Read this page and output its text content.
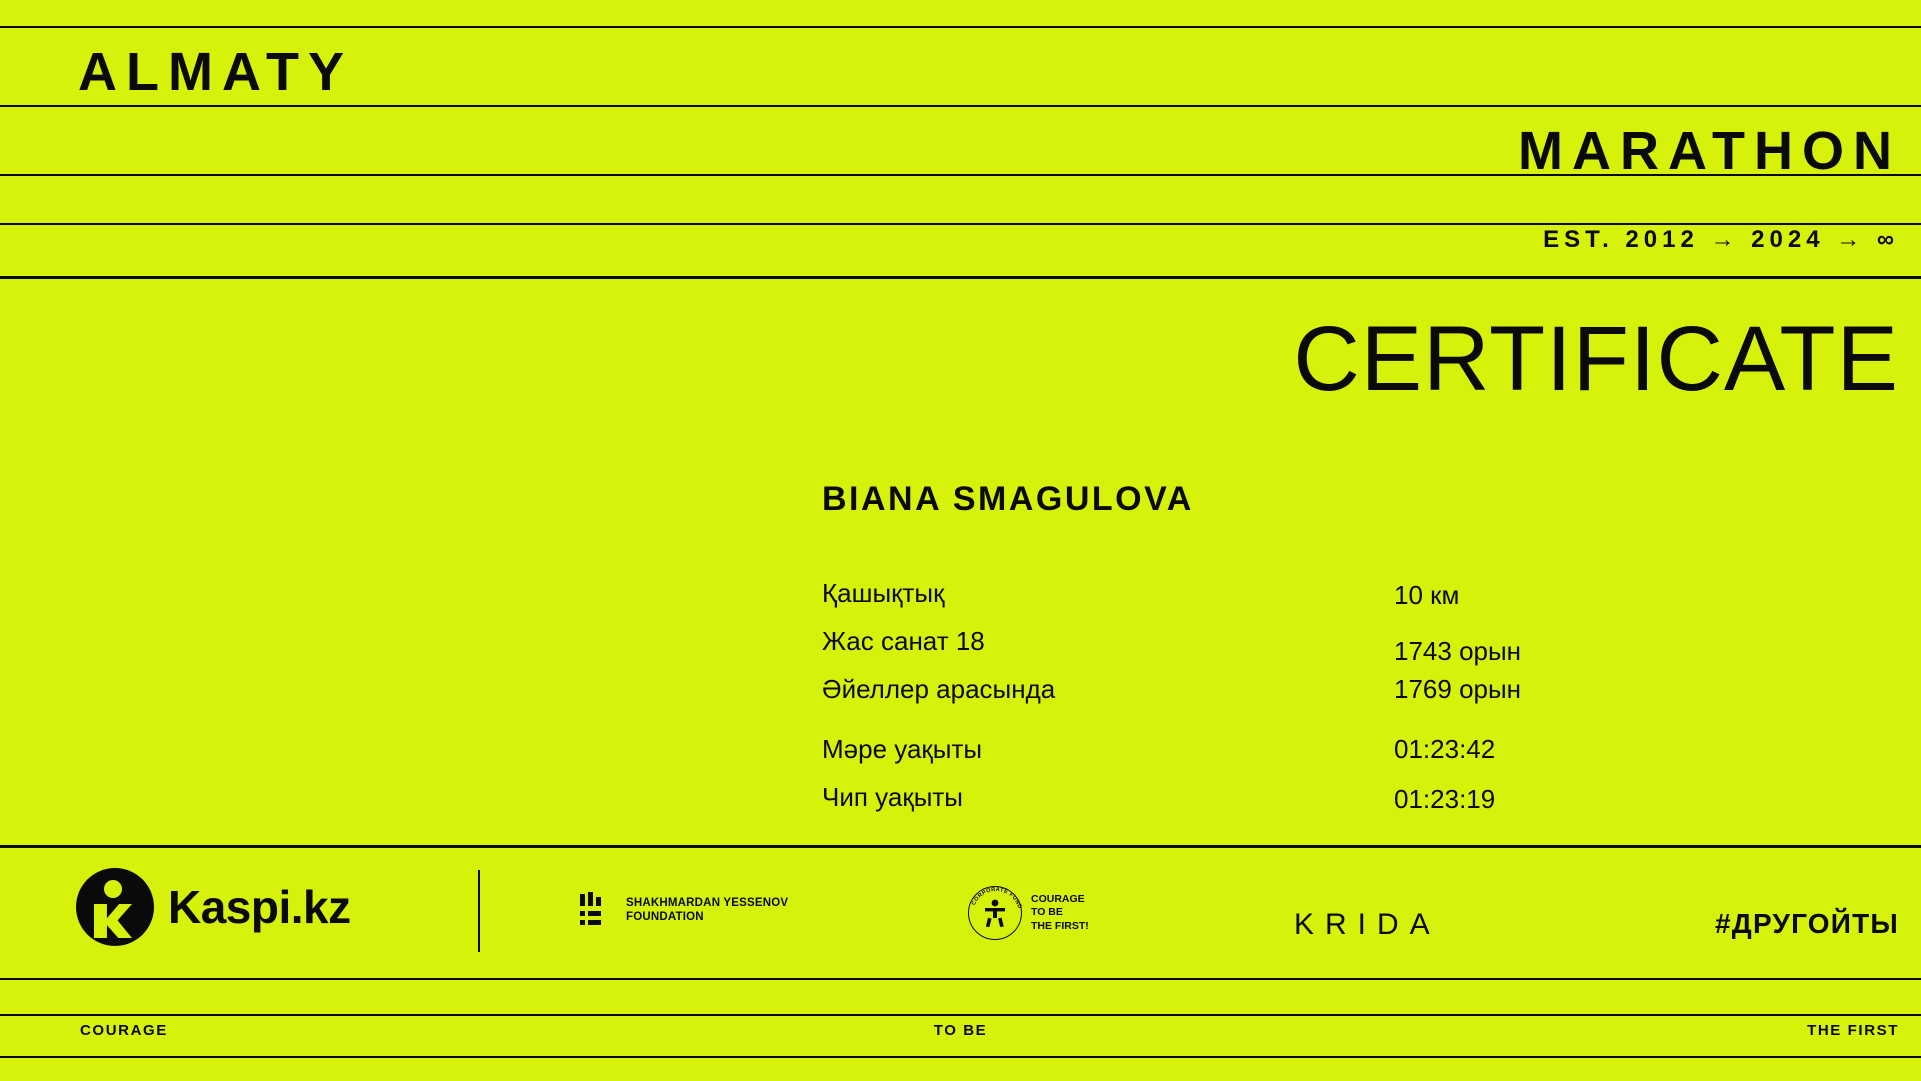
ALMATY
MARATHON
EST. 2012 → 2024 → ∞
CERTIFICATE
BIANA SMAGULOVA
Қашықтық	10 км
Жас санат 18	1743 орын
Әйеллер арасында	1769 орын
Мәре уақыты	01:23:42
Чип уақыты	01:23:19
Kaspi.kz	SHAKHMARDAN YESSENOV
FOUNDATION
CORPORATE FUND
COURAGE
TO BE
THE FIRST!	KRIDA	#ДРУГОЙТЫ
COURAGE	TO BE	THE FIRST
